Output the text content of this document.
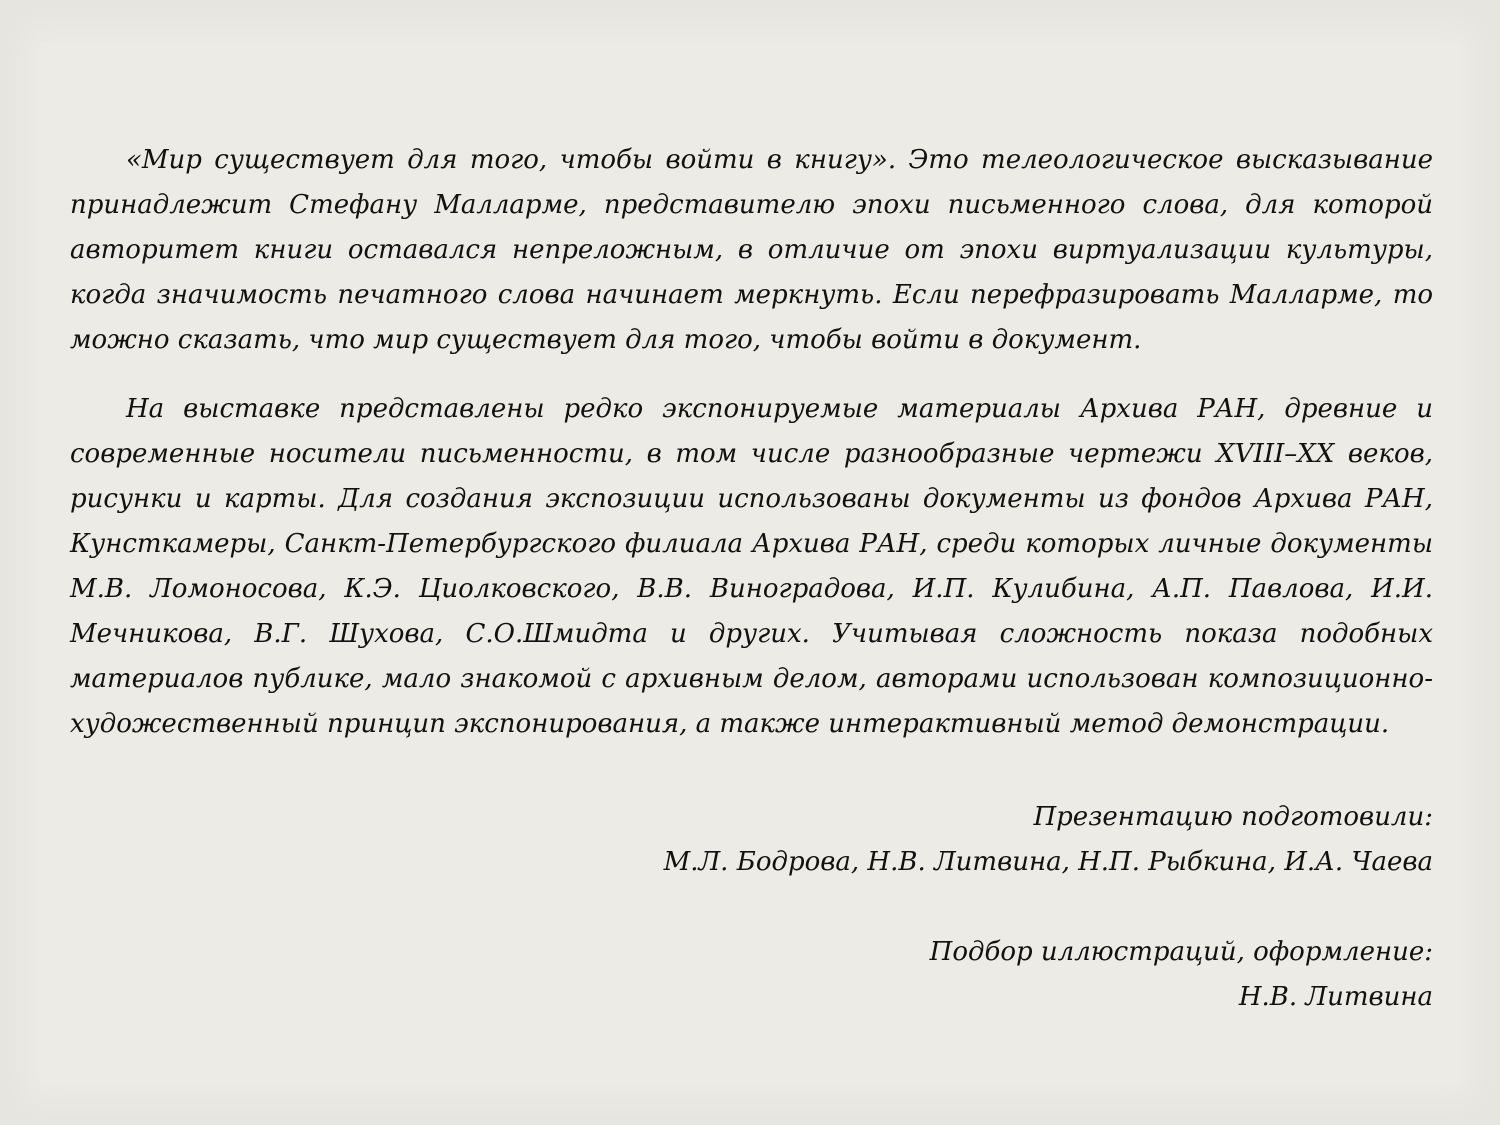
«Мир существует для того, чтобы войти в книгу». Это телеологическое высказывание принадлежит Стефану Малларме, представителю эпохи письменного слова, для которой авторитет книги оставался непреложным, в отличие от эпохи виртуализации культуры, когда значимость печатного слова начинает меркнуть. Если перефразировать Малларме, то можно сказать, что мир существует для того, чтобы войти в документ.

На выставке представлены редко экспонируемые материалы Архива РАН, древние и современные носители письменности, в том числе разнообразные чертежи XVIII–XX веков, рисунки и карты. Для создания экспозиции использованы документы из фондов Архива РАН, Кунсткамеры, Санкт-Петербургского филиала Архива РАН, среди которых личные документы М.В. Ломоносова, К.Э. Циолковского, В.В. Виноградова, И.П. Кулибина, А.П. Павлова, И.И. Мечникова, В.Г. Шухова, С.О.Шмидта и других. Учитывая сложность показа подобных материалов публике, мало знакомой с архивным делом, авторами использован композиционно-художественный принцип экспонирования, а также интерактивный метод демонстрации.

Презентацию подготовили:
М.Л. Бодрова, Н.В. Литвина, Н.П. Рыбкина, И.А. Чаева
Подбор иллюстраций, оформление:
Н.В. Литвина
